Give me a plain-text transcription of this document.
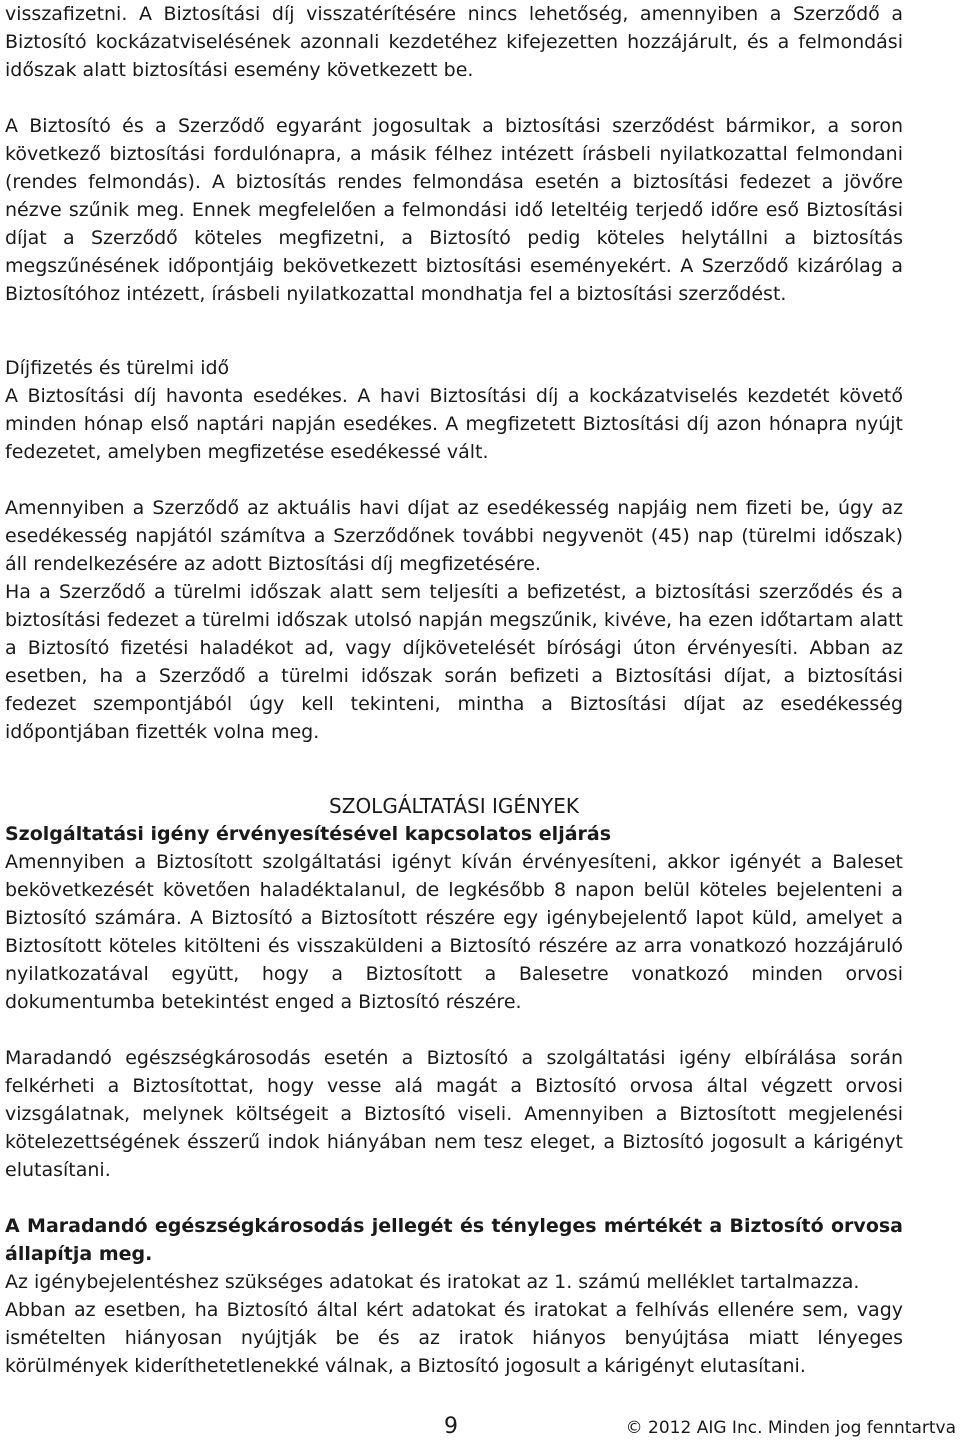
visszafizetni. A Biztosítási díj visszatérítésére nincs lehetőség, amennyiben a Szerződő a Biztosító kockázatviselésének azonnali kezdetéhez kifejezetten hozzájárult, és a felmondási időszak alatt biztosítási esemény következett be.

A Biztosító és a Szerződő egyaránt jogosultak a biztosítási szerződést bármikor, a soron következő biztosítási fordulónapra, a másik félhez intézett írásbeli nyilatkozattal felmondani (rendes felmondás). A biztosítás rendes felmondása esetén a biztosítási fedezet a jövőre nézve szűnik meg. Ennek megfelelően a felmondási idő leteltéig terjedő időre eső Biztosítási díjat a Szerződő köteles megfizetni, a Biztosító pedig köteles helytállni a biztosítás megszűnésének időpontjáig bekövetkezett biztosítási eseményekért. A Szerződő kizárólag a Biztosítóhoz intézett, írásbeli nyilatkozattal mondhatja fel a biztosítási szerződést.

Díjfizetés és türelmi idő

A Biztosítási díj havonta esedékes. A havi Biztosítási díj a kockázatviselés kezdetét követő minden hónap első naptári napján esedékes. A megfizetett Biztosítási díj azon hónapra nyújt fedezetet, amelyben megfizetése esedékessé vált.

Amennyiben a Szerződő az aktuális havi díjat az esedékesség napjáig nem fizeti be, úgy az esedékesség napjától számítva a Szerződőnek további negyvenöt (45) nap (türelmi időszak) áll rendelkezésére az adott Biztosítási díj megfizetésére.

Ha a Szerződő a türelmi időszak alatt sem teljesíti a befizetést, a biztosítási szerződés és a biztosítási fedezet a türelmi időszak utolsó napján megszűnik, kivéve, ha ezen időtartam alatt a Biztosító fizetési haladékot ad, vagy díjkövetelését bírósági úton érvényesíti. Abban az esetben, ha a Szerződő a türelmi időszak során befizeti a Biztosítási díjat, a biztosítási fedezet szempontjából úgy kell tekinteni, mintha a Biztosítási díjat az esedékesség időpontjában fizették volna meg.

SZOLGÁLTATÁSI IGÉNYEK

Szolgáltatási igény érvényesítésével kapcsolatos eljárás

Amennyiben a Biztosított szolgáltatási igényt kíván érvényesíteni, akkor igényét a Baleset bekövetkezését követően haladéktalanul, de legkésőbb 8 napon belül köteles bejelenteni a Biztosító számára. A Biztosító a Biztosított részére egy igénybejelentő lapot küld, amelyet a Biztosított köteles kitölteni és visszaküldeni a Biztosító részére az arra vonatkozó hozzájáruló nyilatkozatával együtt, hogy a Biztosított a Balesetre vonatkozó minden orvosi dokumentumba betekintést enged a Biztosító részére.

Maradandó egészségkárosodás esetén a Biztosító a szolgáltatási igény elbírálása során felkérheti a Biztosítottat, hogy vesse alá magát a Biztosító orvosa által végzett orvosi vizsgálatnak, melynek költségeit a Biztosító viseli. Amennyiben a Biztosított megjelenési kötelezettségének ésszerű indok hiányában nem tesz eleget, a Biztosító jogosult a kárigényt elutasítani.

A Maradandó egészségkárosodás jellegét és tényleges mértékét a Biztosító orvosa állapítja meg.

Az igénybejelentéshez szükséges adatokat és iratokat az 1. számú melléklet tartalmazza.

Abban az esetben, ha Biztosító által kért adatokat és iratokat a felhívás ellenére sem, vagy ismételten hiányosan nyújtják be és az iratok hiányos benyújtása miatt lényeges körülmények kideríthetetlenekké válnak, a Biztosító jogosult a kárigényt elutasítani.

9	© 2012 AIG Inc. Minden jog fenntartva
